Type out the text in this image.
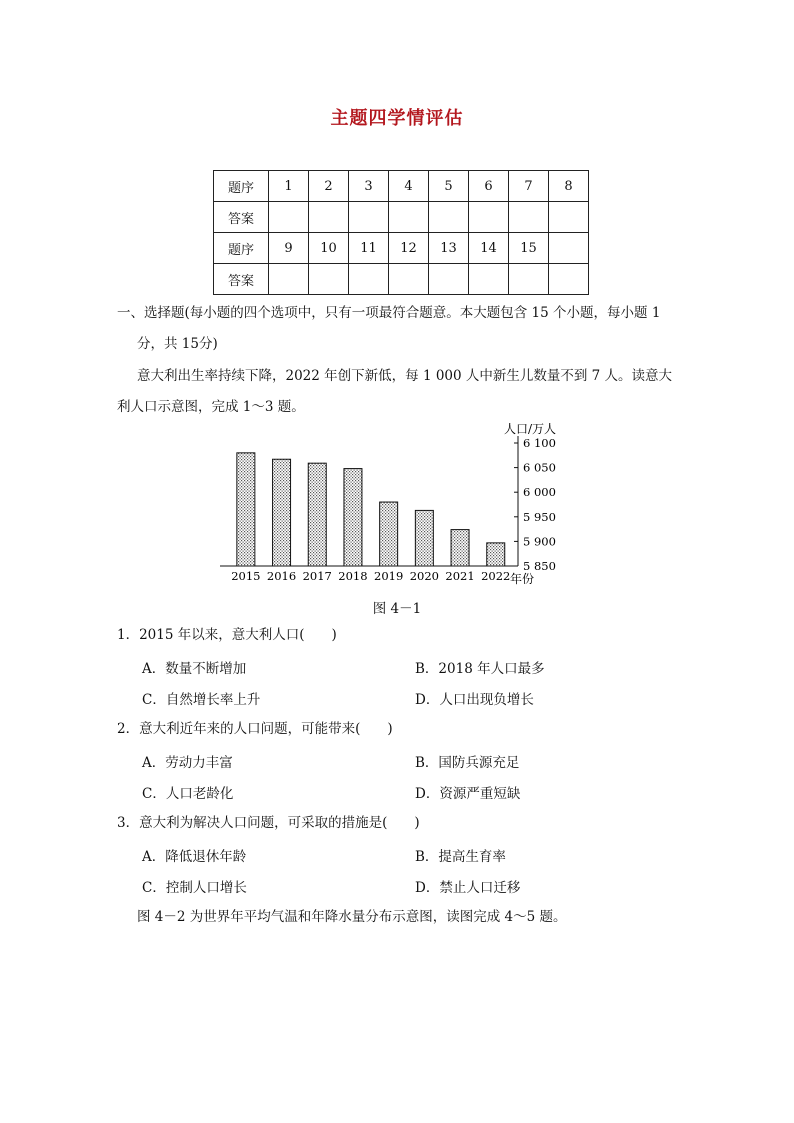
主题四学情评估
题序	1	2	3	4	5	6	7	8
答案								
题序	9	10	11	12	13	14	15	
答案								
一、选择题(每小题的四个选项中，只有一项最符合题意。本大题包含 15 个小题，每小题 1
分，共 15分)
意大利出生率持续下降，2022 年创下新低，每 1 000 人中新生儿数量不到 7 人。读意大
利人口示意图，完成 1～3 题。
5 850
5 900
5 950
6 000
6 050
6 100
2015 2016 2017 2018 2019 2020 2021 2022
人口/万人
年份
图 4－1
1．2015 年以来，意大利人口(　　)
A．数量不断增加	B．2018 年人口最多
C．自然增长率上升	D．人口出现负增长
2．意大利近年来的人口问题，可能带来(　　)
A．劳动力丰富	B．国防兵源充足
C．人口老龄化	D．资源严重短缺
3．意大利为解决人口问题，可采取的措施是(　　)
A．降低退休年龄	B．提高生育率
C．控制人口增长	D．禁止人口迁移
图 4－2 为世界年平均气温和年降水量分布示意图，读图完成 4～5 题。
